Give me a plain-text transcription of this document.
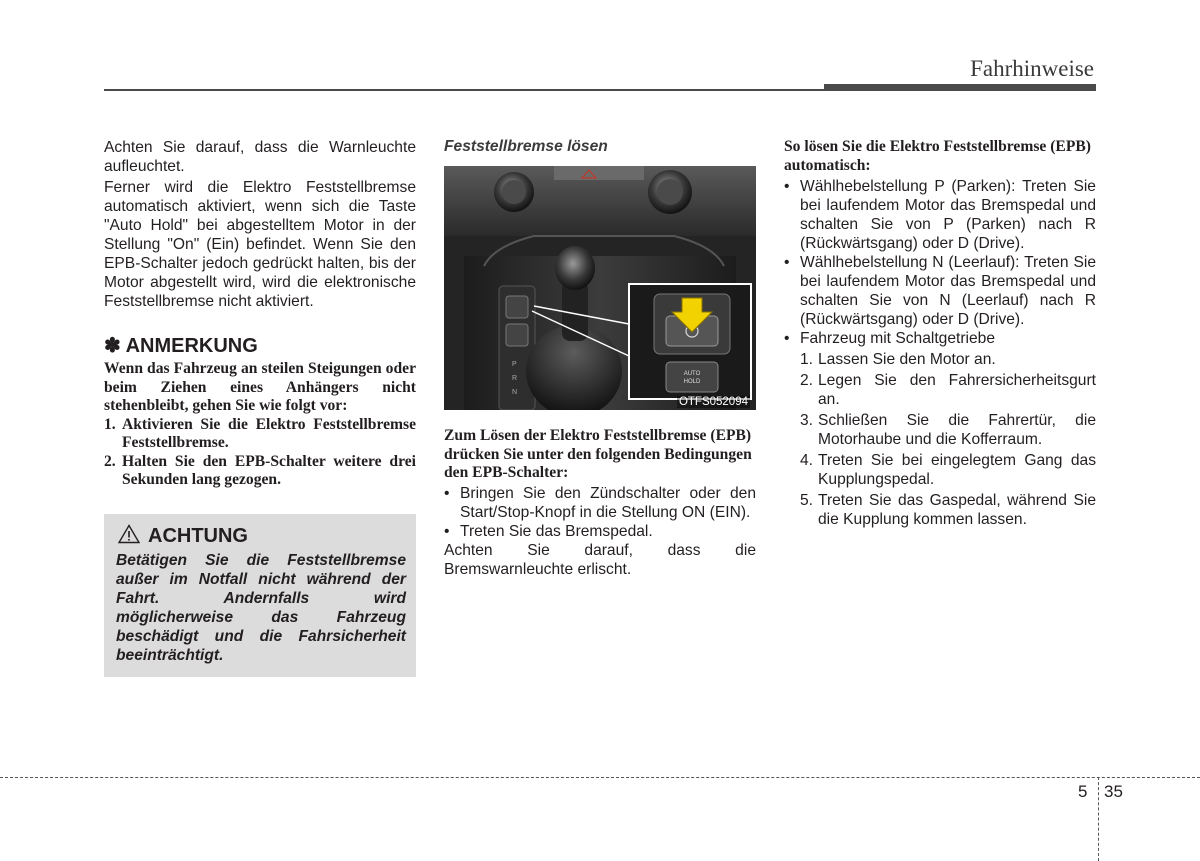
Fahrhinweise

Achten Sie darauf, dass die Warnleuchte aufleuchtet.

Ferner wird die Elektro Feststellbremse automatisch aktiviert, wenn sich die Taste "Auto Hold" bei abgestelltem Motor in der Stellung "On" (Ein) befindet. Wenn Sie den EPB-Schalter jedoch gedrückt halten, bis der Motor abgestellt wird, wird die elektronische Feststellbremse nicht aktiviert.

✽ ANMERKUNG

Wenn das Fahrzeug an steilen Steigungen oder beim Ziehen eines Anhängers nicht stehenbleibt, gehen Sie wie folgt vor:

1. Aktivieren Sie die Elektro Feststellbremse Feststellbremse.
2. Halten Sie den EPB-Schalter weitere drei Sekunden lang gezogen.
ACHTUNG

Betätigen Sie die Feststellbremse außer im Notfall nicht während der Fahrt. Andernfalls wird möglicherweise das Fahrzeug beschädigt und die Fahrsicherheit beeinträchtigt.

Feststellbremse lösen
P
R
N
AUTO
HOLD
OTFS052094

Zum Lösen der Elektro Feststellbremse (EPB) drücken Sie unter den folgenden Bedingungen den EPB-Schalter:

• Bringen Sie den Zündschalter oder den Start/Stop-Knopf in die Stellung ON (EIN).
• Treten Sie das Bremspedal.

Achten Sie darauf, dass die Bremswarnleuchte erlischt.

So lösen Sie die Elektro Feststellbremse (EPB) automatisch:

• Wählhebelstellung P (Parken): Treten Sie bei laufendem Motor das Bremspedal und schalten Sie von P (Parken) nach R (Rückwärtsgang) oder D (Drive).
• Wählhebelstellung N (Leerlauf): Treten Sie bei laufendem Motor das Bremspedal und schalten Sie von N (Leerlauf) nach R (Rückwärtsgang) oder D (Drive).
• Fahrzeug mit Schaltgetriebe
1. Lassen Sie den Motor an.
2. Legen Sie den Fahrersicherheitsgurt an.
3. Schließen Sie die Fahrertür, die Motorhaube und die Kofferraum.
4. Treten Sie bei eingelegtem Gang das Kupplungspedal.
5. Treten Sie das Gaspedal, während Sie die Kupplung kommen lassen.
5 35
